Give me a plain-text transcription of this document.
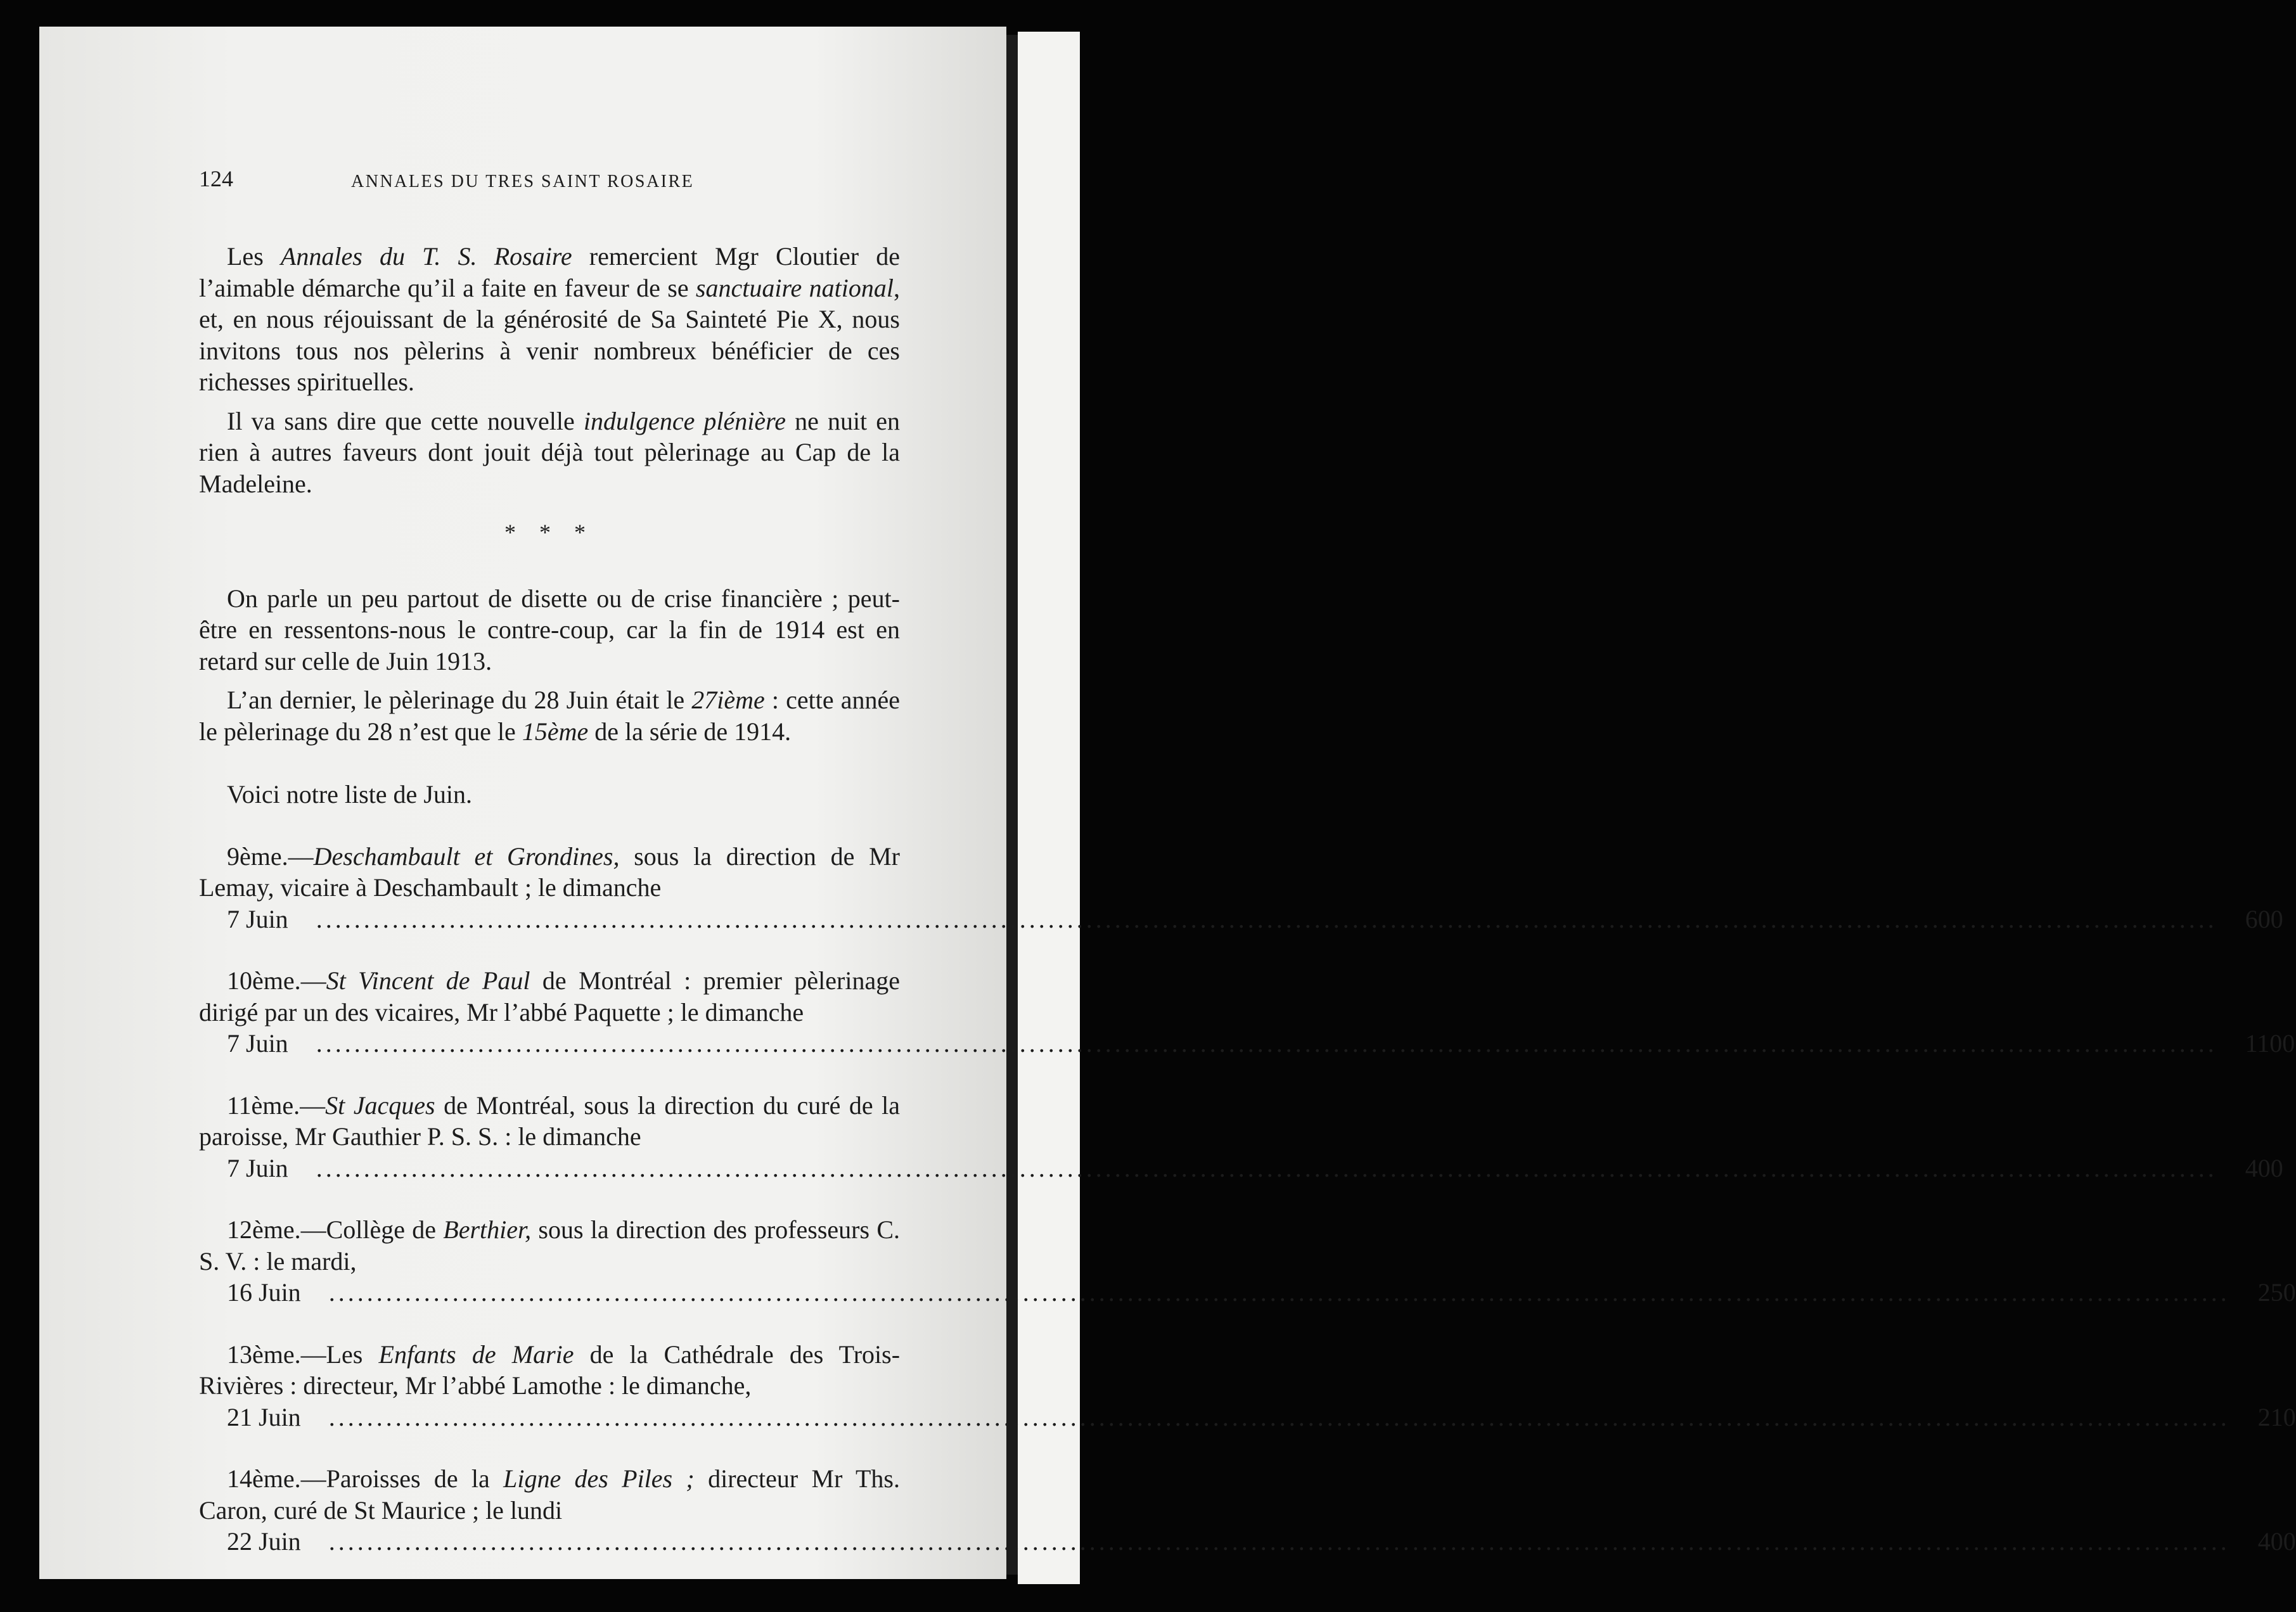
124	ANNALES DU TRES SAINT ROSAIRE

Les Annales du T. S. Rosaire remercient Mgr Cloutier de l’aimable démarche qu’il a faite en faveur de se sanctuaire national, et, en nous réjouissant de la générosité de Sa Sainteté Pie X, nous invitons tous nos pèlerins à venir nombreux bénéficier de ces richesses spirituelles.

Il va sans dire que cette nouvelle indulgence plénière ne nuit en rien à autres faveurs dont jouit déjà tout pèlerinage au Cap de la Madeleine.

* * *

On parle un peu partout de disette ou de crise financière ; peut-être en ressentons-nous le contre-coup, car la fin de 1914 est en retard sur celle de Juin 1913.

L’an dernier, le pèlerinage du 28 Juin était le 27ième : cette année le pèlerinage du 28 n’est que le 15ème de la série de 1914.

Voici notre liste de Juin.

9ème.—Deschambault et Grondines, sous la direction de Mr Lemay, vicaire à Deschambault ; le dimanche
7 Juin	........................................................................................................................................................................................................	600

10ème.—St Vincent de Paul de Montréal : premier pèlerinage dirigé par un des vicaires, Mr l’abbé Paquette ; le dimanche
7 Juin	........................................................................................................................................................................................................	1100

11ème.—St Jacques de Montréal, sous la direction du curé de la paroisse, Mr Gauthier P. S. S. : le dimanche
7 Juin	........................................................................................................................................................................................................	400

12ème.—Collège de Berthier, sous la direction des professeurs C. S. V. : le mardi,
16 Juin	........................................................................................................................................................................................................	250

13ème.—Les Enfants de Marie de la Cathédrale des Trois-Rivières : directeur, Mr l’abbé Lamothe : le dimanche,
21 Juin	........................................................................................................................................................................................................	210

14ème.—Paroisses de la Ligne des Piles ; directeur Mr Ths. Caron, curé de St Maurice ; le lundi
22 Juin	........................................................................................................................................................................................................	400
